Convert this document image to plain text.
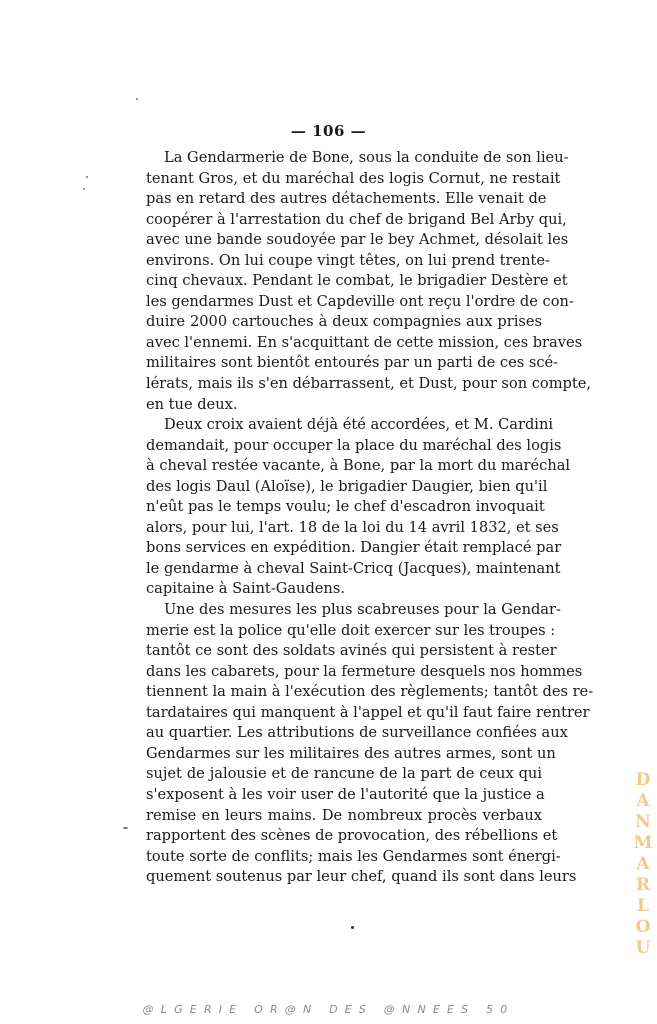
— 106 —
La Gendarmerie de Bone, sous la conduite de son lieu-
tenant Gros, et du maréchal des logis Cornut, ne restait
pas en retard des autres détachements. Elle venait de
coopérer à l'arrestation du chef de brigand Bel Arby qui,
avec une bande soudoyée par le bey Achmet, désolait les
environs. On lui coupe vingt têtes, on lui prend trente-
cinq chevaux. Pendant le combat, le brigadier Destère et
les gendarmes Dust et Capdeville ont reçu l'ordre de con-
duire 2000 cartouches à deux compagnies aux prises
avec l'ennemi. En s'acquittant de cette mission, ces braves
militaires sont bientôt entourés par un parti de ces scé-
lérats, mais ils s'en débarrassent, et Dust, pour son compte,
en tue deux.
Deux croix avaient déjà été accordées, et M. Cardini
demandait, pour occuper la place du maréchal des logis
à cheval restée vacante, à Bone, par la mort du maréchal
des logis Daul (Aloïse), le brigadier Daugier, bien qu'il
n'eût pas le temps voulu; le chef d'escadron invoquait
alors, pour lui, l'art. 18 de la loi du 14 avril 1832, et ses
bons services en expédition. Dangier était remplacé par
le gendarme à cheval Saint-Cricq (Jacques), maintenant
capitaine à Saint-Gaudens.
Une des mesures les plus scabreuses pour la Gendar-
merie est la police qu'elle doit exercer sur les troupes :
tantôt ce sont des soldats avinés qui persistent à rester
dans les cabarets, pour la fermeture desquels nos hommes
tiennent la main à l'exécution des règlements; tantôt des re-
tardataires qui manquent à l'appel et qu'il faut faire rentrer
au quartier. Les attributions de surveillance confiées aux
Gendarmes sur les militaires des autres armes, sont un
sujet de jalousie et de rancune de la part de ceux qui
s'exposent à les voir user de l'autorité que la justice a
remise en leurs mains. De nombreux procès verbaux
rapportent des scènes de provocation, des rébellions et
toute sorte de conflits; mais les Gendarmes sont énergi-
quement soutenus par leur chef, quand ils sont dans leurs
D
A
N
M
A
R
L
O
U
@LGERIE OR@N DES @NNEES 50
